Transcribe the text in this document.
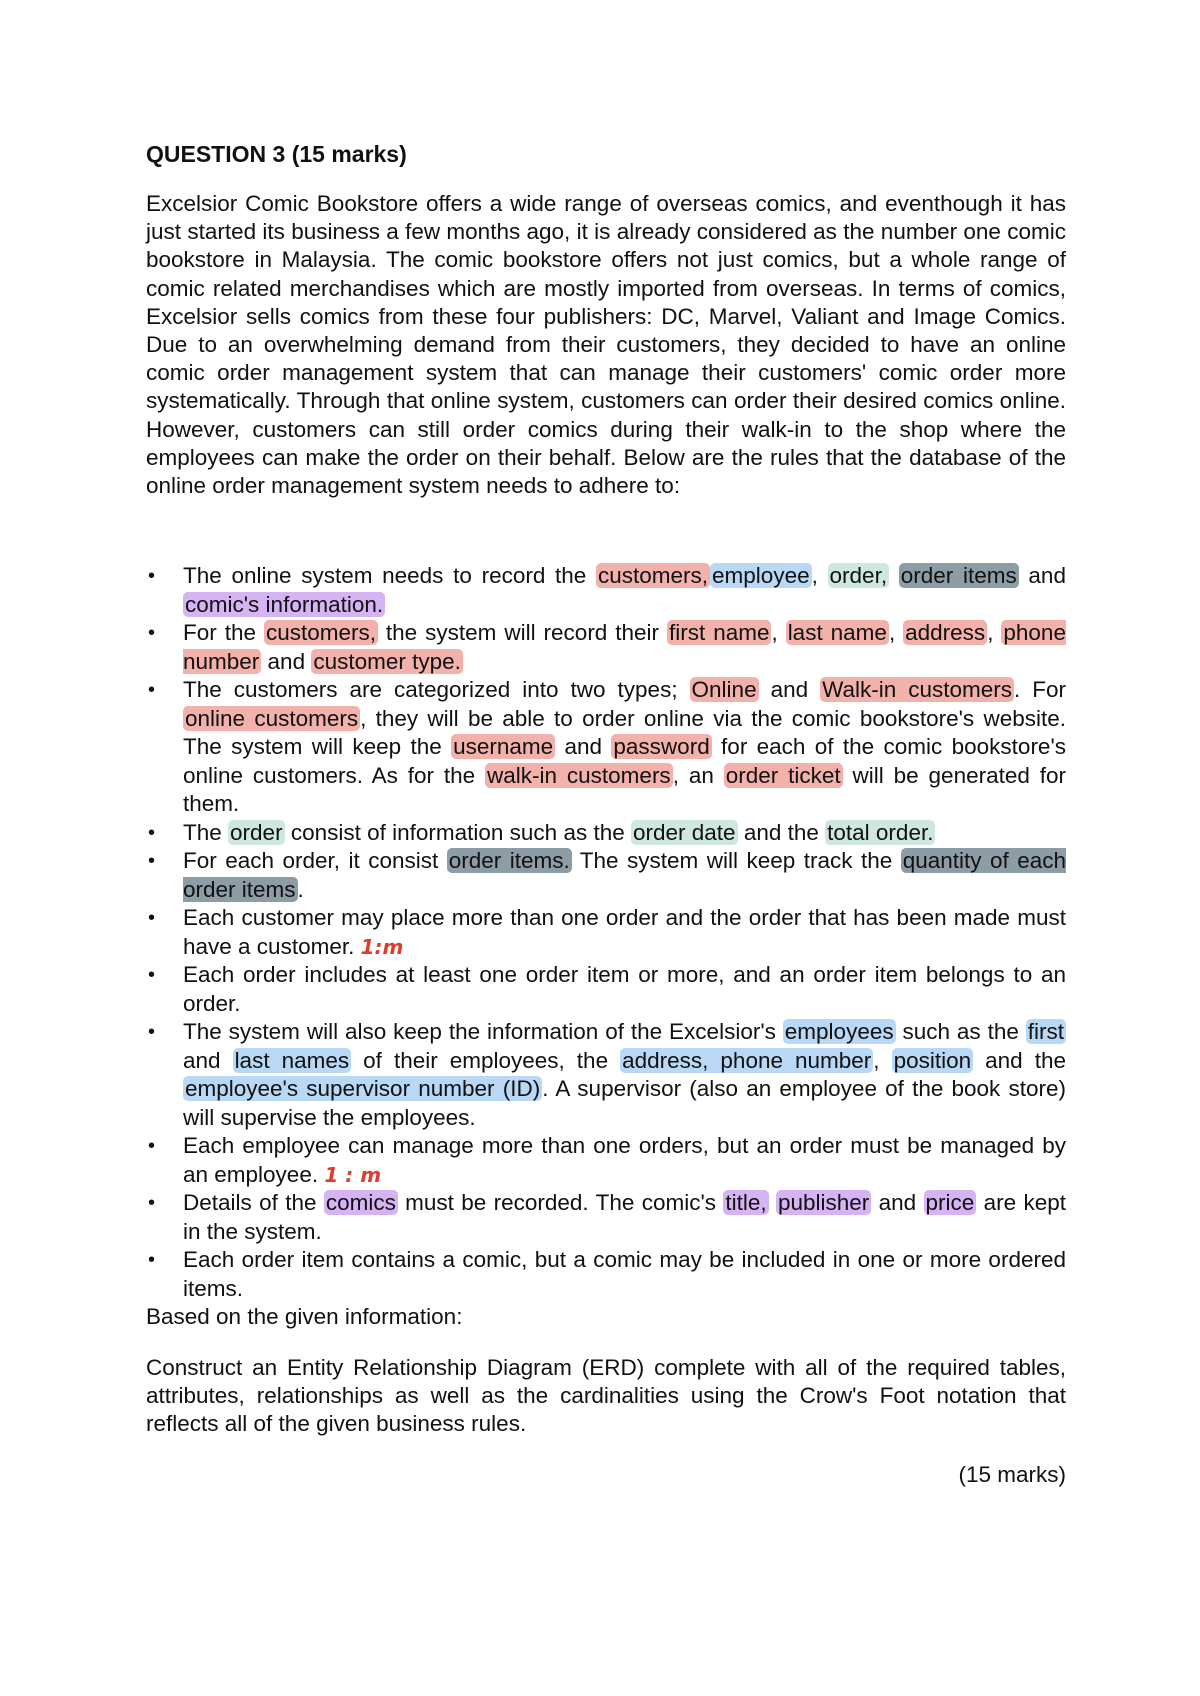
QUESTION 3 (15 marks)

Excelsior Comic Bookstore offers a wide range of overseas comics, and eventhough it has just started its business a few months ago, it is already considered as the number one comic bookstore in Malaysia. The comic bookstore offers not just comics, but a whole range of comic related merchandises which are mostly imported from overseas. In terms of comics, Excelsior sells comics from these four publishers: DC, Marvel, Valiant and Image Comics. Due to an overwhelming demand from their customers, they decided to have an online comic order management system that can manage their customers' comic order more systematically. Through that online system, customers can order their desired comics online. However, customers can still order comics during their walk-in to the shop where the employees can make the order on their behalf. Below are the rules that the database of the online order management system needs to adhere to:

• The online system needs to record the customers, employee, order, order items and comic's information.
• For the customers, the system will record their first name, last name, address, phone number and customer type.
• The customers are categorized into two types; Online and Walk-in customers. For online customers, they will be able to order online via the comic bookstore's website. The system will keep the username and password for each of the comic bookstore's online customers. As for the walk-in customers, an order ticket will be generated for them.
• The order consist of information such as the order date and the total order.
• For each order, it consist order items. The system will keep track the quantity of each order items.
• Each customer may place more than one order and the order that has been made must have a customer. 1:m
• Each order includes at least one order item or more, and an order item belongs to an order.
• The system will also keep the information of the Excelsior's employees such as the first and last names of their employees, the address, phone number, position and the employee's supervisor number (ID). A supervisor (also an employee of the book store) will supervise the employees.
• Each employee can manage more than one orders, but an order must be managed by an employee. 1 : m
• Details of the comics must be recorded. The comic's title, publisher and price are kept in the system.
• Each order item contains a comic, but a comic may be included in one or more ordered items.

Based on the given information:

Construct an Entity Relationship Diagram (ERD) complete with all of the required tables, attributes, relationships as well as the cardinalities using the Crow's Foot notation that reflects all of the given business rules.

(15 marks)
